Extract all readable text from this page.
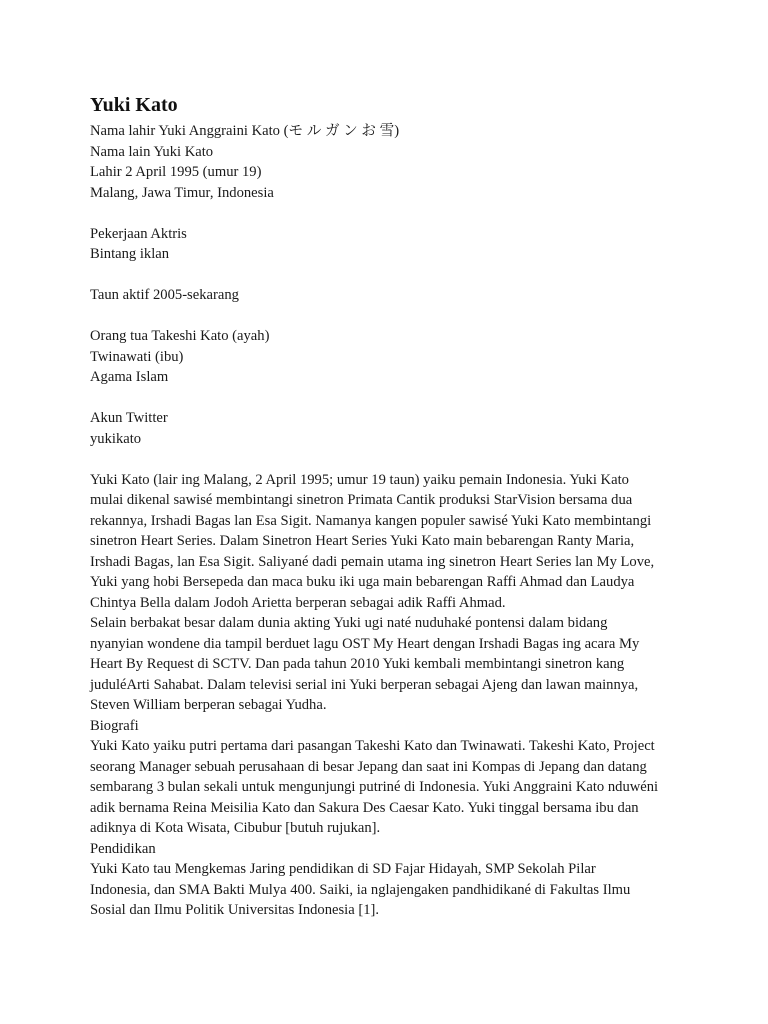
Yuki Kato
Nama lahir Yuki Anggraini Kato (モ ル ガ ン お 雪)
Nama lain Yuki Kato
Lahir 2 April 1995 (umur 19)
Malang, Jawa Timur, Indonesia
Pekerjaan Aktris
Bintang iklan
Taun aktif 2005-sekarang
Orang tua Takeshi Kato (ayah)
Twinawati (ibu)
Agama Islam
Akun Twitter
yukikato
Yuki Kato (lair ing Malang, 2 April 1995; umur 19 taun) yaiku pemain Indonesia. Yuki Kato
mulai dikenal sawisé membintangi sinetron Primata Cantik produksi StarVision bersama dua
rekannya, Irshadi Bagas lan Esa Sigit. Namanya kangen populer sawisé Yuki Kato membintangi
sinetron Heart Series. Dalam Sinetron Heart Series Yuki Kato main bebarengan Ranty Maria,
Irshadi Bagas, lan Esa Sigit. Saliyané dadi pemain utama ing sinetron Heart Series lan My Love,
Yuki yang hobi Bersepeda dan maca buku iki uga main bebarengan Raffi Ahmad dan Laudya
Chintya Bella dalam Jodoh Arietta berperan sebagai adik Raffi Ahmad.
Selain berbakat besar dalam dunia akting Yuki ugi naté nuduhaké pontensi dalam bidang
nyanyian wondene dia tampil berduet lagu OST My Heart dengan Irshadi Bagas ing acara My
Heart By Request di SCTV. Dan pada tahun 2010 Yuki kembali membintangi sinetron kang
juduléArti Sahabat. Dalam televisi serial ini Yuki berperan sebagai Ajeng dan lawan mainnya,
Steven William berperan sebagai Yudha.
Biografi
Yuki Kato yaiku putri pertama dari pasangan Takeshi Kato dan Twinawati. Takeshi Kato, Project
seorang Manager sebuah perusahaan di besar Jepang dan saat ini Kompas di Jepang dan datang
sembarang 3 bulan sekali untuk mengunjungi putriné di Indonesia. Yuki Anggraini Kato nduwéni
adik bernama Reina Meisilia Kato dan Sakura Des Caesar Kato. Yuki tinggal bersama ibu dan
adiknya di Kota Wisata, Cibubur [butuh rujukan].
Pendidikan
Yuki Kato tau Mengkemas Jaring pendidikan di SD Fajar Hidayah, SMP Sekolah Pilar
Indonesia, dan SMA Bakti Mulya 400. Saiki, ia nglajengaken pandhidikané di Fakultas Ilmu
Sosial dan Ilmu Politik Universitas Indonesia [1].
